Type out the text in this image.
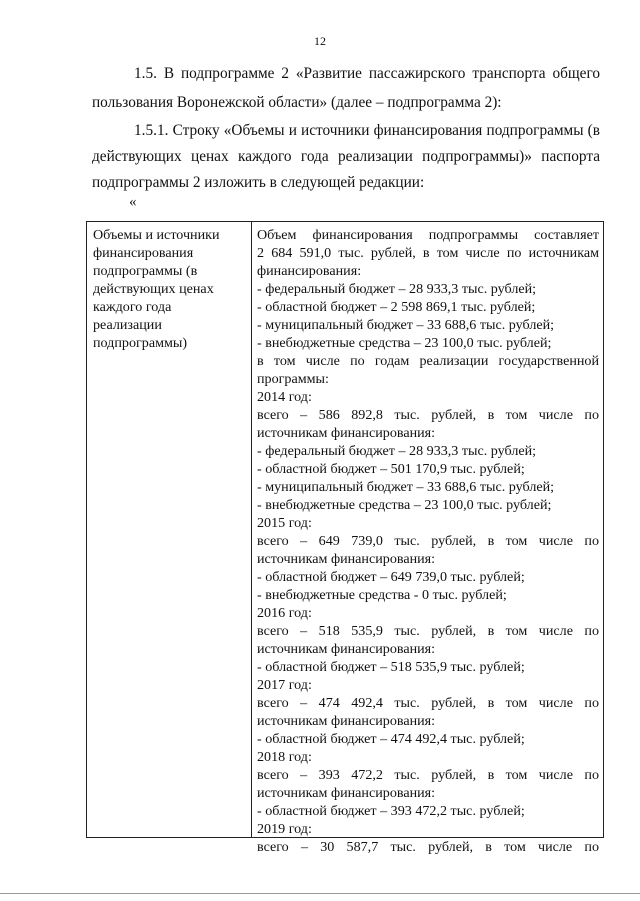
12
1.5. В подпрограмме 2 «Развитие пассажирского транспорта общего
пользования Воронежской области» (далее – подпрограмма 2):
1.5.1. Строку «Объемы и источники финансирования подпрограммы (в
действующих ценах каждого года реализации подпрограммы)» паспорта
подпрограммы 2 изложить в следующей редакции:
«
Объемы и источники
финансирования
подпрограммы (в
действующих ценах
каждого года
реализации
подпрограммы)
Объем финансирования подпрограммы составляет
2 684 591,0 тыс. рублей, в том числе по источникам
финансирования:
- федеральный бюджет – 28 933,3 тыс. рублей;
- областной бюджет – 2 598 869,1 тыс. рублей;
- муниципальный бюджет – 33 688,6 тыс. рублей;
- внебюджетные средства – 23 100,0 тыс. рублей;
в том числе по годам реализации государственной
программы:
2014 год:
всего – 586 892,8 тыс. рублей, в том числе по
источникам финансирования:
- федеральный бюджет – 28 933,3 тыс. рублей;
- областной бюджет – 501 170,9 тыс. рублей;
- муниципальный бюджет – 33 688,6 тыс. рублей;
- внебюджетные средства – 23 100,0 тыс. рублей;
2015 год:
всего – 649 739,0 тыс. рублей, в том числе по
источникам финансирования:
- областной бюджет – 649 739,0 тыс. рублей;
- внебюджетные средства - 0 тыс. рублей;
2016 год:
всего – 518 535,9 тыс. рублей, в том числе по
источникам финансирования:
- областной бюджет – 518 535,9 тыс. рублей;
2017 год:
всего – 474 492,4 тыс. рублей, в том числе по
источникам финансирования:
- областной бюджет – 474 492,4 тыс. рублей;
2018 год:
всего – 393 472,2 тыс. рублей, в том числе по
источникам финансирования:
- областной бюджет – 393 472,2 тыс. рублей;
2019 год:
всего – 30 587,7 тыс. рублей, в том числе по
